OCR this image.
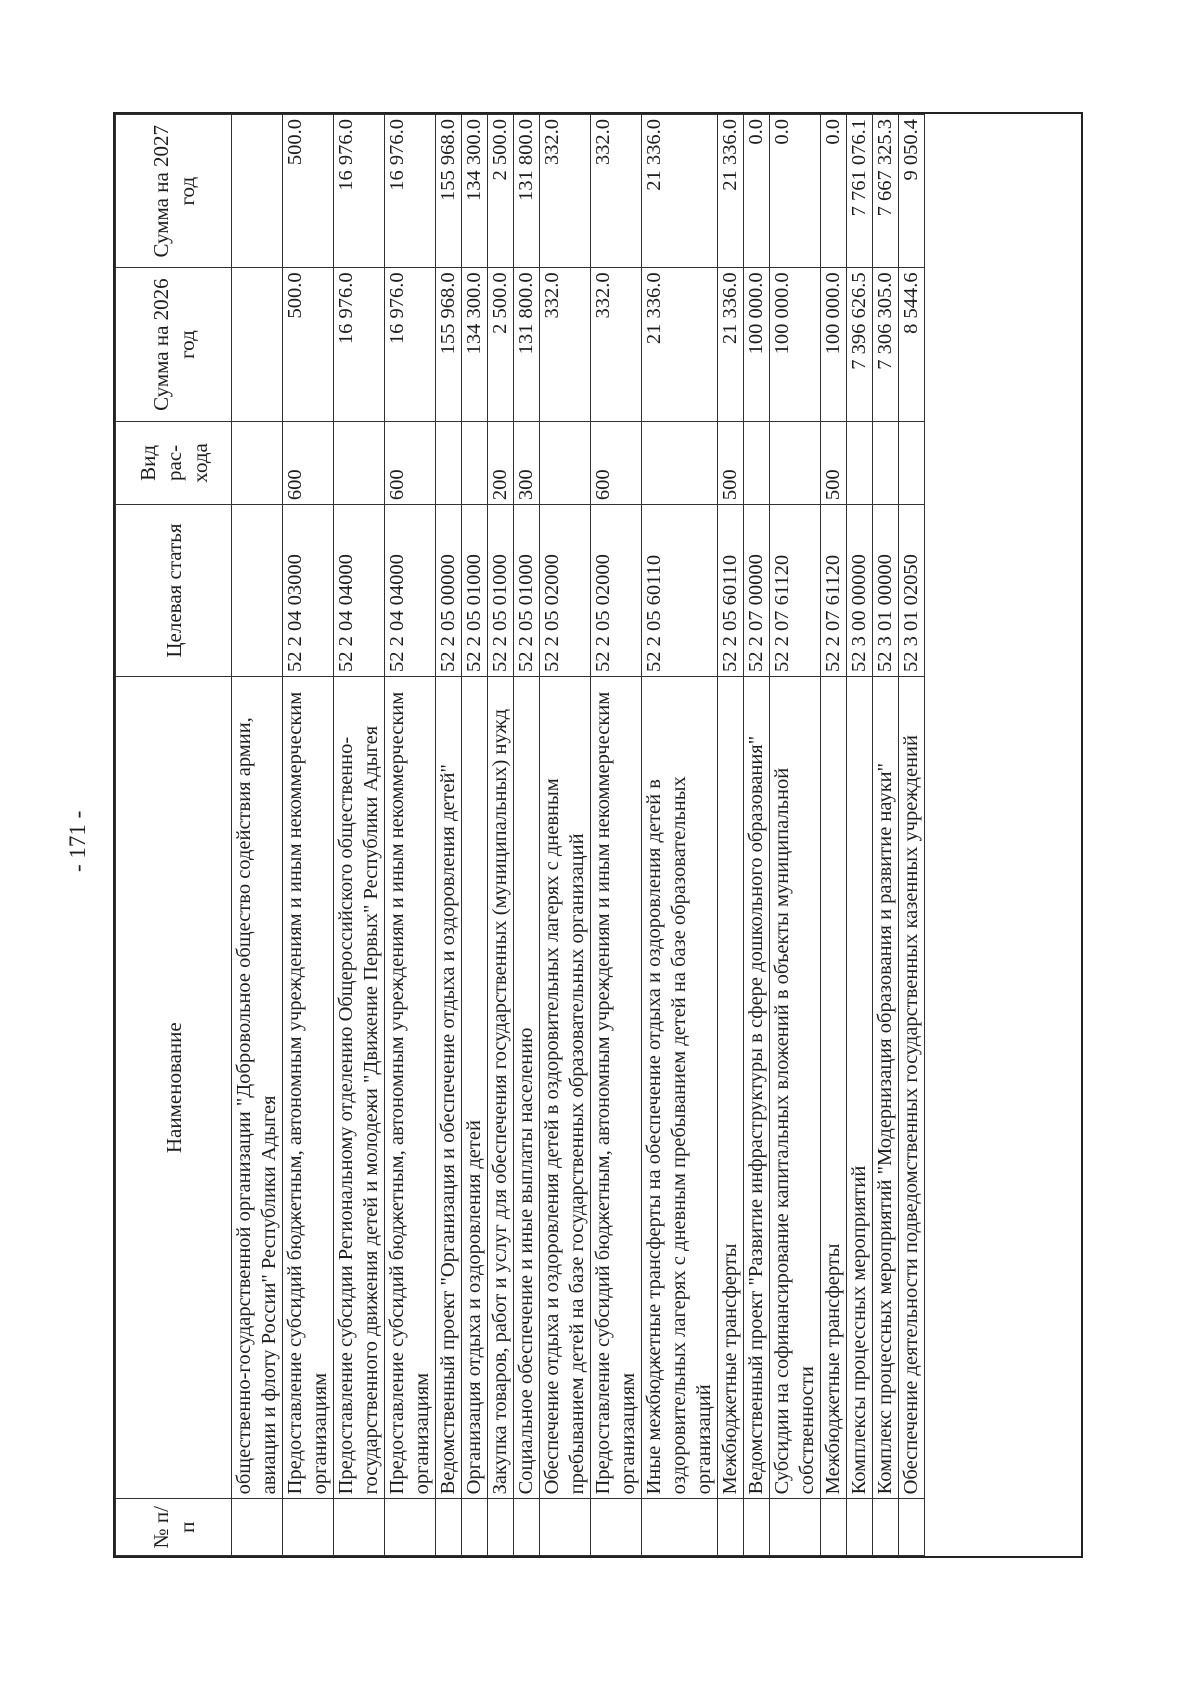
- 171 -
№ п/п	Наименование	Целевая статья	Вид рас-хода	Сумма на 2026 год	Сумма на 2027 год
	общественно-государственной организации "Добровольное общество содействия армии, авиации и флоту России" Республики Адыгея				
	Предоставление субсидий бюджетным, автономным учреждениям и иным некоммерческим организациям	52 2 04 03000	600	500.0	500.0
	Предоставление субсидии Региональному отделению Общероссийского общественно-государственного движения детей и молодежи "Движение Первых" Республики Адыгея	52 2 04 04000		16 976.0	16 976.0
	Предоставление субсидий бюджетным, автономным учреждениям и иным некоммерческим организациям	52 2 04 04000	600	16 976.0	16 976.0
	Ведомственный проект "Организация и обеспечение отдыха и оздоровления детей"	52 2 05 00000		155 968.0	155 968.0
	Организация отдыха и оздоровления детей	52 2 05 01000		134 300.0	134 300.0
	Закупка товаров, работ и услуг для обеспечения государственных (муниципальных) нужд	52 2 05 01000	200	2 500.0	2 500.0
	Социальное обеспечение и иные выплаты населению	52 2 05 01000	300	131 800.0	131 800.0
	Обеспечение отдыха и оздоровления детей в оздоровительных лагерях с дневным пребыванием детей на базе государственных образовательных организаций	52 2 05 02000		332.0	332.0
	Предоставление субсидий бюджетным, автономным учреждениям и иным некоммерческим организациям	52 2 05 02000	600	332.0	332.0
	Иные межбюджетные трансферты на обеспечение отдыха и оздоровления детей в оздоровительных лагерях с дневным пребыванием детей на базе образовательных организаций	52 2 05 60110		21 336.0	21 336.0
	Межбюджетные трансферты	52 2 05 60110	500	21 336.0	21 336.0
	Ведомственный проект "Развитие инфраструктуры в сфере дошкольного образования"	52 2 07 00000		100 000.0	0.0
	Субсидии на софинансирование капитальных вложений в объекты муниципальной собственности	52 2 07 61120		100 000.0	0.0
	Межбюджетные трансферты	52 2 07 61120	500	100 000.0	0.0
	Комплексы процессных мероприятий	52 3 00 00000		7 396 626.5	7 761 076.1
	Комплекс процессных мероприятий "Модернизация образования и развитие науки"	52 3 01 00000		7 306 305.0	7 667 325.3
	Обеспечение деятельности подведомственных государственных казенных учреждений	52 3 01 02050		8 544.6	9 050.4
